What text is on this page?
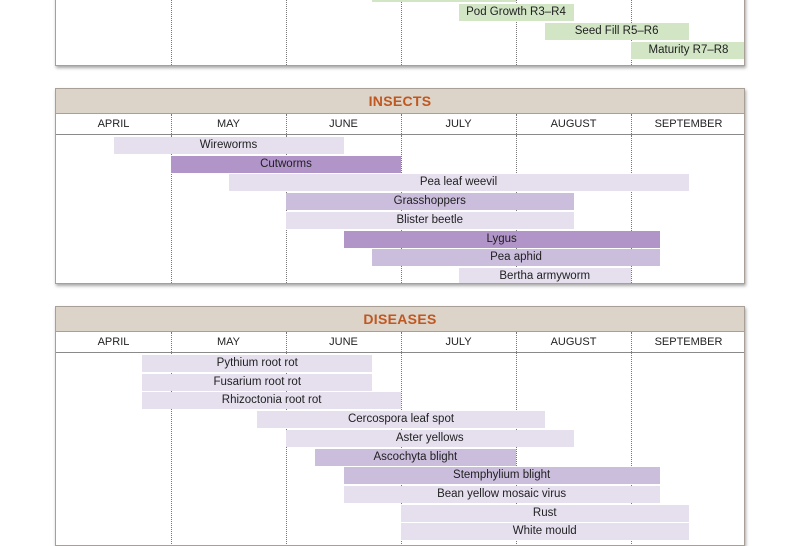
Pod Growth R3–R4
Seed Fill R5–R6
Maturity R7–R8
INSECTS
APRIL	MAY	JUNE	JULY	AUGUST	SEPTEMBER
Wireworms
Cutworms
Pea leaf weevil
Grasshoppers
Blister beetle
Lygus
Pea aphid
Bertha armyworm
DISEASES
APRIL	MAY	JUNE	JULY	AUGUST	SEPTEMBER
Pythium root rot
Fusarium root rot
Rhizoctonia root rot
Cercospora leaf spot
Aster yellows
Ascochyta blight
Stemphylium blight
Bean yellow mosaic virus
Rust
White mould
